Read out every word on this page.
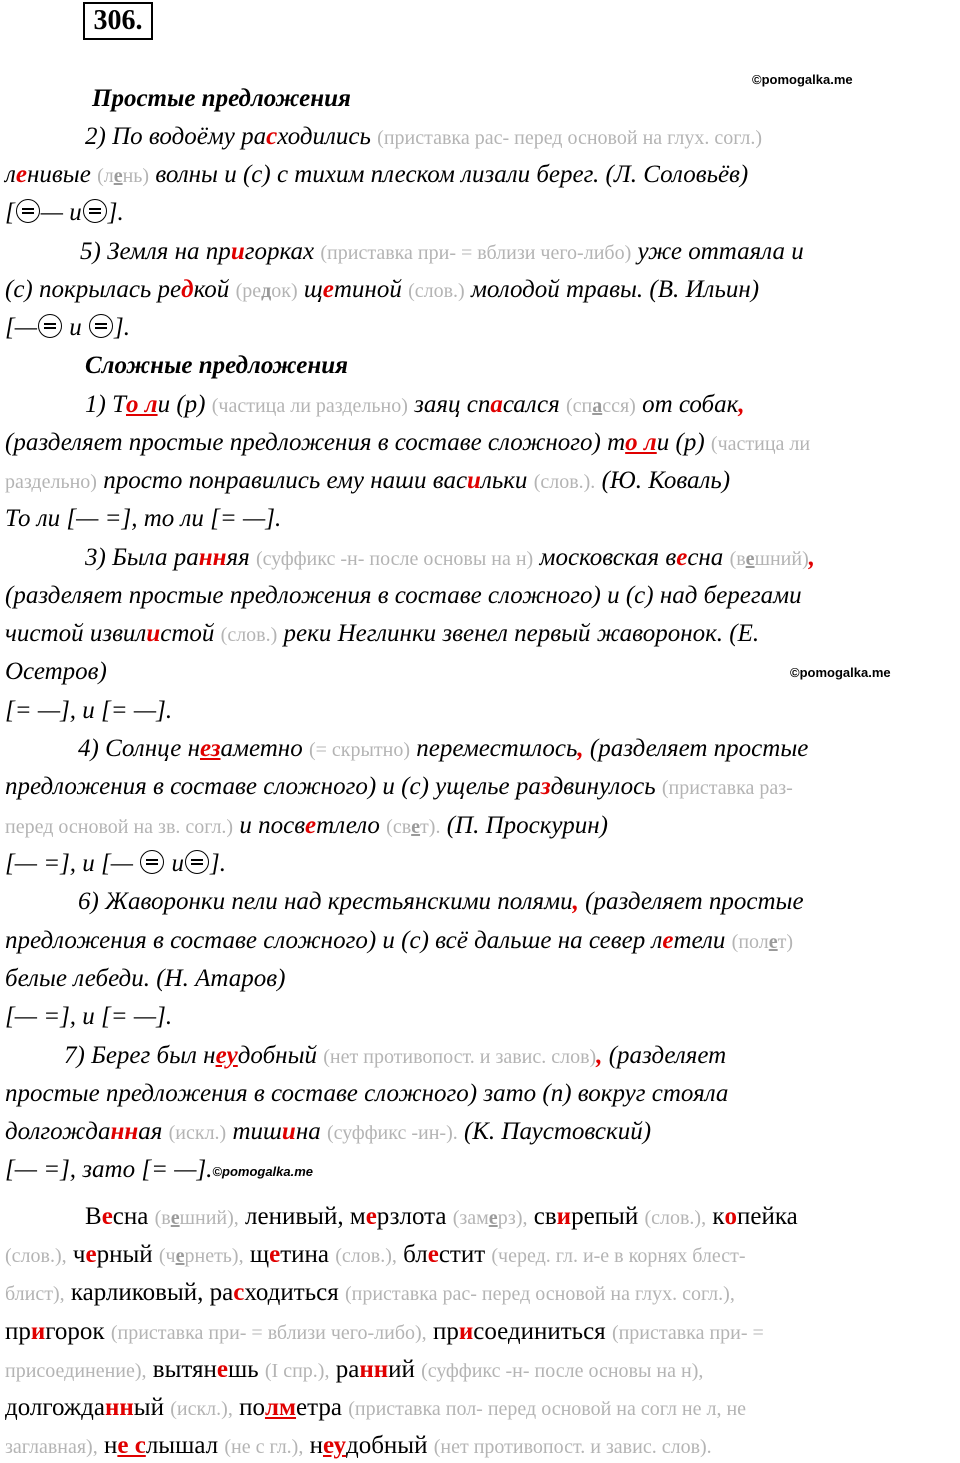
306.
©pomogalka.me
©pomogalka.me
Простые предложения
2) По водоёму расходились (приставка рас- перед основой на глух. согл.)
ленивые (лень) волны и (с) с тихим плеском лизали берег. (Л. Соловьёв)
[ — и ].
5) Земля на пригорках (приставка при- = вблизи чего-либо) уже оттаяла и
(с) покрылась редкой (редок) щетиной (слов.) молодой травы. (В. Ильин)
[— и ].
Сложные предложения
1) То ли (р) (частица ли раздельно) заяц спасался (спасся) от собак,
(разделяет простые предложения в составе сложного) то ли (р) (частица ли
раздельно) просто понравились ему наши васильки (слов.). (Ю. Коваль)
То ли [— =], то ли [= —].
3) Была ранняя (суффикс -н- после основы на н) московская весна (вешний),
(разделяет простые предложения в составе сложного) и (с) над берегами
чистой извилистой (слов.) реки Неглинки звенел первый жаворонок. (Е.
Осетров)
[= —], и [= —].
4) Солнце незаметно (= скрытно) переместилось, (разделяет простые
предложения в составе сложного) и (с) ущелье раздвинулось (приставка раз-
перед основой на зв. согл.) и посветлело (свет). (П. Проскурин)
[— =], и [— и ].
6) Жаворонки пели над крестьянскими полями, (разделяет простые
предложения в составе сложного) и (с) всё дальше на север летели (полет)
белые лебеди. (Н. Атаров)
[— =], и [= —].
7) Берег был неудобный (нет противопост. и завис. слов), (разделяет
простые предложения в составе сложного) зато (п) вокруг стояла
долгожданная (искл.) тишина (суффикс -ин-). (К. Паустовский)
[— =], зато [= —].©pomogalka.me
Весна (вешний), ленивый, мерзлота (замерз), свирепый (слов.), копейка
(слов.), черный (чернеть), щетина (слов.), блестит (черед. гл. и-е в корнях блест-
блист), карликовый, расходиться (приставка рас- перед основой на глух. согл.),
пригорок (приставка при- = вблизи чего-либо), присоединиться (приставка при- =
присоединение), вытянешь (I спр.), ранний (суффикс -н- после основы на н),
долгожданный (искл.), полметра (приставка пол- перед основой на согл не л, не
заглавная), не слышал (не с гл.), неудобный (нет противопост. и завис. слов).
